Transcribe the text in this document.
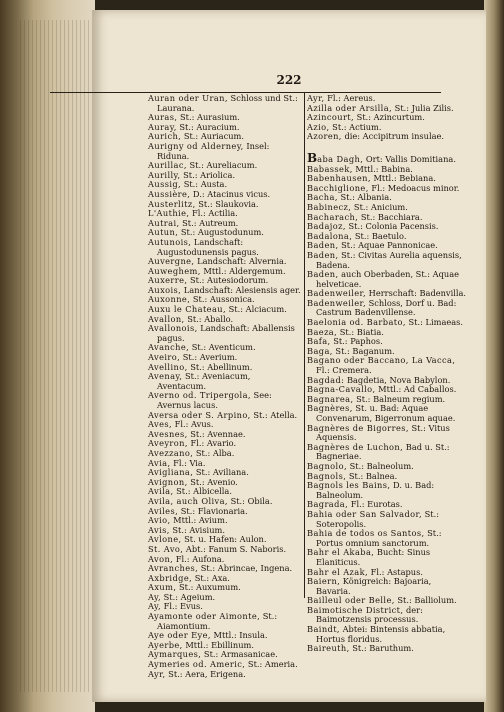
222
Auran oder Uran, Schloss und St.: Laurana.
Auras, St.: Aurasium.
Auray, St.: Auracium.
Aurich, St.: Auriacum.
Aurigny od Alderney, Insel: Riduna.
Aurillac, St.: Aureliacum.
Aurilly, St.: Ariolica.
Aussig, St.: Austa.
Aussière, D.: Atacinus vicus.
Austerlitz, St.: Slaukovia.
L'Authie, Fl.: Actilia.
Autrai, St.: Autreum.
Autun, St.: Augustodunum.
Autunois, Landschaft: Augustodunensis pagus.
Auvergne, Landschaft: Alvernia.
Auweghem, Mttl.: Aldergemum.
Auxerre, St.: Autesiodorum.
Auxois, Landschaft: Alesiensis ager.
Auxonne, St.: Aussonica.
Auxu le Chateau, St.: Alciacum.
Avallon, St.: Aballo.
Avallonois, Landschaft: Aballensis pagus.
Avanche, St.: Aventicum.
Aveiro, St.: Averium.
Avellino, St.: Abellinum.
Avenay, St.: Aveniacum, Aventacum.
Averno od. Tripergola, See: Avernus lacus.
Aversa oder S. Arpino, St.: Atella.
Aves, Fl.: Avus.
Avesnes, St.: Avennae.
Aveyron, Fl.: Avario.
Avezzano, St.: Alba.
Avia, Fl.: Via.
Avigliana, St.: Aviliana.
Avignon, St.: Avenio.
Avila, St.: Albicella.
Avila, auch Oliva, St.: Obila.
Aviles, St.: Flavionaria.
Avio, Mttl.: Avium.
Avis, St.: Avisium.
Avlone, St. u. Hafen: Aulon.
St. Avo, Abt.: Fanum S. Naboris.
Avon, Fl.: Aufona.
Avranches, St.: Abrincae, Ingena.
Axbridge, St.: Axa.
Axum, St.: Auxumum.
Ay, St.: Ageium.
Ay, Fl.: Evus.
Ayamonte oder Aimonte, St.: Aiamontium.
Aye oder Eye, Mttl.: Insula.
Ayerbe, Mttl.: Ebillinum.
Aymarques, St.: Armasanicae.
Aymeries od. Americ, St.: Ameria.
Ayr, St.: Aera, Erigena.
Ayr, Fl.: Aereus.
Azilla oder Arsilla, St.: Julia Zilis.
Azincourt, St.: Azincurtum.
Azio, St.: Actium.
Azoren, die: Accipitrum insulae.
Baba Dagh, Ort: Vallis Domitiana.
Babassek, Mttl.: Babina.
Babenhausen, Mttl.: Bebiana.
Bacchiglione, Fl.: Medoacus minor.
Bacha, St.: Albania.
Babinecz, St.: Anicium.
Bacharach, St.: Bacchiara.
Badajoz, St.: Colonia Pacensis.
Badalona, St.: Baetulo.
Baden, St.: Aquae Pannonicae.
Baden, St.: Civitas Aurelia aquensis, Badena.
Baden, auch Oberbaden, St.: Aquae helveticae.
Badenweiler, Herrschaft: Badenvilla.
Badenweiler, Schloss, Dorf u. Bad: Castrum Badenvillense.
Baelonia od. Barbato, St.: Limaeas.
Baeza, St.: Biatia.
Bafa, St.: Paphos.
Baga, St.: Baganum.
Bagano oder Baccano, La Vacca, Fl.: Cremera.
Bagdad: Bagdetia, Nova Babylon.
Bagna-Cavallo, Mttl.: Ad Caballos.
Bagnarea, St.: Balneum regium.
Bagnères, St. u. Bad: Aquae Convenarum, Bigerronum aquae.
Bagnères de Bigorres, St.: Vitus Aquensis.
Bagnères de Luchon, Bad u. St.: Bagneriae.
Bagnolo, St.: Balneolum.
Bagnols, St.: Balnea.
Bagnols les Bains, D. u. Bad: Balneolum.
Bagrada, Fl.: Eurotas.
Bahia oder San Salvador, St.: Soteropolis.
Bahia de todos os Santos, St.: Portus omnium sanctorum.
Bahr el Akaba, Bucht: Sinus Elaniticus.
Bahr el Azak, Fl.: Astapus.
Baiern, Königreich: Bajoaria, Bavaria.
Bailleul oder Belle, St.: Balliolum.
Baimotische District, der: Baimotzensis processus.
Baindt, Abtei: Bintensis abbatia, Hortus floridus.
Baireuth, St.: Baruthum.
